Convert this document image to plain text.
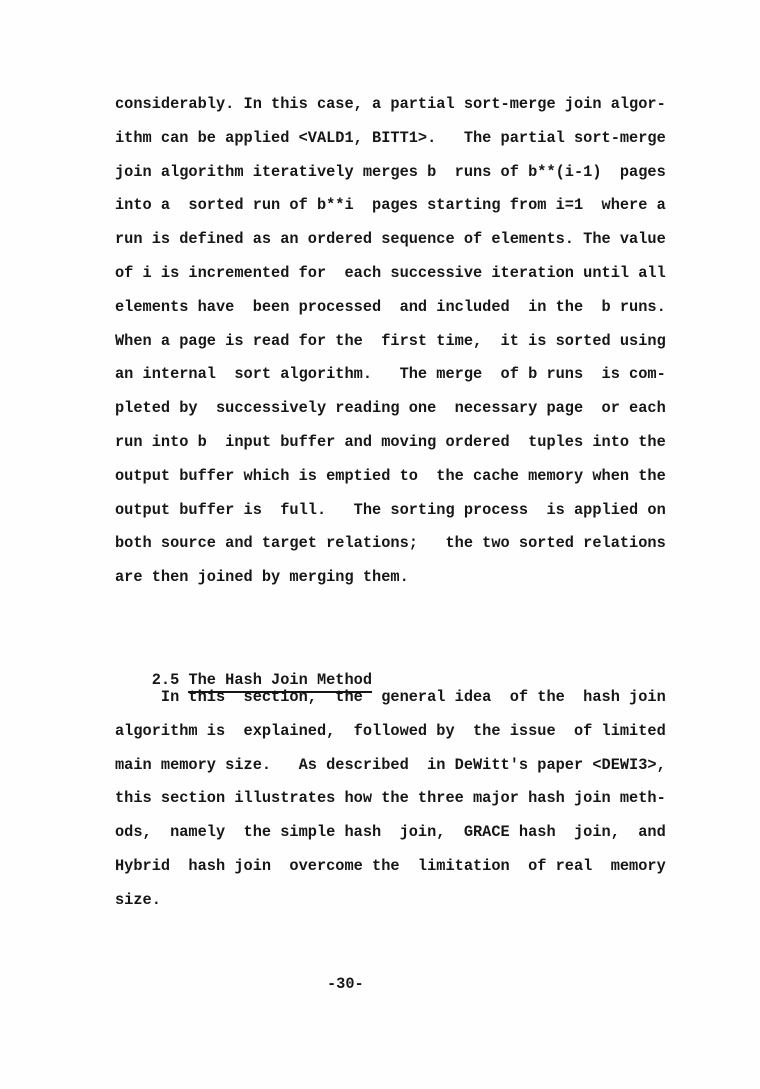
considerably. In this case, a partial sort-merge join algor-
ithm can be applied <VALD1, BITT1>.   The partial sort-merge
join algorithm iteratively merges b  runs of b**(i-1)  pages
into a  sorted run of b**i  pages starting from i=1  where a
run is defined as an ordered sequence of elements. The value
of i is incremented for  each successive iteration until all
elements have  been processed  and included  in the  b runs.
When a page is read for the  first time,  it is sorted using
an internal  sort algorithm.   The merge  of b runs  is com-
pleted by  successively reading one  necessary page  or each
run into b  input buffer and moving ordered  tuples into the
output buffer which is emptied to  the cache memory when the
output buffer is  full.   The sorting process  is applied on
both source and target relations;   the two sorted relations
are then joined by merging them.

2.5 The Hash Join Method

In this  section,  the  general idea  of the  hash join
algorithm is  explained,  followed by  the issue  of limited
main memory size.   As described  in DeWitt's paper <DEWI3>,
this section illustrates how the three major hash join meth-
ods,  namely  the simple hash  join,  GRACE hash  join,  and
Hybrid  hash join  overcome the  limitation  of real  memory
size.
-30-
